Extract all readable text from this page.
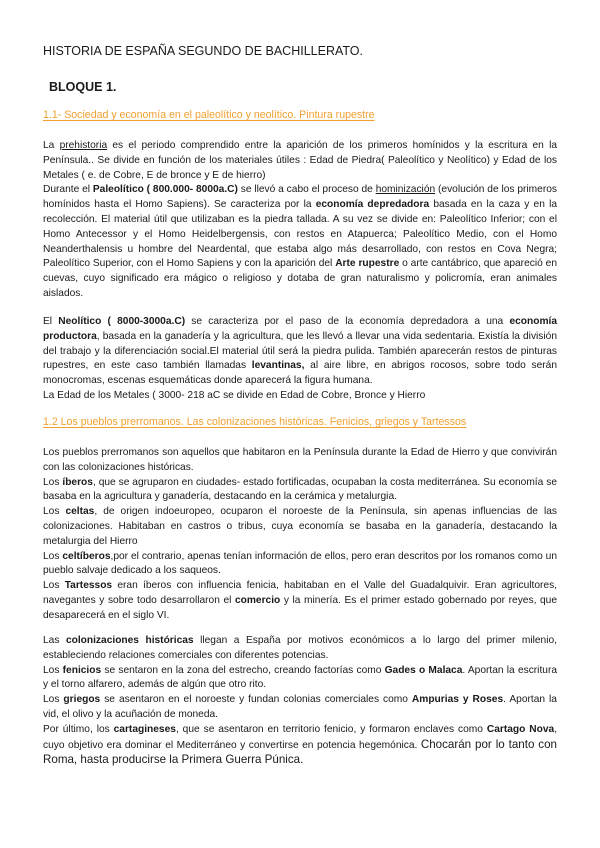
HISTORIA DE ESPAÑA SEGUNDO DE BACHILLERATO.
BLOQUE 1.
1.1- Sociedad y economía en el paleolítico y neolítico. Pintura rupestre

La prehistoria es el periodo comprendido entre la aparición de los primeros homínidos y la escritura en la Península.. Se divide en función de los materiales útiles : Edad de Piedra( Paleolítico y Neolítico) y Edad de los Metales ( e. de Cobre, E de bronce y E de hierro)

Durante el Paleolítico ( 800.000- 8000a.C) se llevó a cabo el proceso de hominización (evolución de los primeros homínidos hasta el Homo Sapiens). Se caracteriza por la economía depredadora basada en la caza y en la recolección. El material útil que utilizaban es la piedra tallada. A su vez se divide en: Paleolítico Inferior; con el Homo Antecessor y el Homo Heidelbergensis, con restos en Atapuerca; Paleolítico Medio, con el Homo Neanderthalensis u hombre del Neardental, que estaba algo más desarrollado, con restos en Cova Negra; Paleolítico Superior, con el Homo Sapiens y con la aparición del Arte rupestre o arte cantábrico, que apareció en cuevas, cuyo significado era mágico o religioso y dotaba de gran naturalismo y policromía, eran animales aislados.

El Neolítico ( 8000-3000a.C) se caracteriza por el paso de la economía depredadora a una economía productora, basada en la ganadería y la agricultura, que les llevó a llevar una vida sedentaria. Existía la división del trabajo y la diferenciación social.El material útil será la piedra pulida. También aparecerán restos de pinturas rupestres, en este caso también llamadas levantinas, al aire libre, en abrigos rocosos, sobre todo serán monocromas, escenas esquemáticas donde aparecerá la figura humana.

La Edad de los Metales ( 3000- 218 aC se divide en Edad de Cobre, Bronce y Hierro

1.2 Los pueblos prerromanos. Las colonizaciones históricas. Fenicios, griegos y Tartessos

Los pueblos prerromanos son aquellos que habitaron en la Península durante la Edad de Hierro y que convivirán con las colonizaciones históricas.

Los íberos, que se agruparon en ciudades- estado fortificadas, ocupaban la costa mediterránea. Su economía se basaba en la agricultura y ganadería, destacando en la cerámica y metalurgia.

Los celtas, de origen indoeuropeo, ocuparon el noroeste de la Península, sin apenas influencias de las colonizaciones. Habitaban en castros o tribus, cuya economía se basaba en la ganadería, destacando la metalurgia del Hierro

Los celtíberos,por el contrario, apenas tenían información de ellos, pero eran descritos por los romanos como un pueblo salvaje dedicado a los saqueos.

Los Tartessos eran íberos con influencia fenicia, habitaban en el Valle del Guadalquivir. Eran agricultores, navegantes y sobre todo desarrollaron el comercio y la minería. Es el primer estado gobernado por reyes, que desaparecerá en el siglo VI.

Las colonizaciones históricas llegan a España por motivos económicos a lo largo del primer milenio, estableciendo relaciones comerciales con diferentes potencias.

Los fenicios se sentaron en la zona del estrecho, creando factorías como Gades o Malaca. Aportan la escritura y el torno alfarero, además de algún que otro rito.

Los griegos se asentaron en el noroeste y fundan colonias comerciales como Ampurias y Roses. Aportan la vid, el olivo y la acuñación de moneda.

Por último, los cartagineses, que se asentaron en territorio fenicio, y formaron enclaves como Cartago Nova, cuyo objetivo era dominar el Mediterráneo y convertirse en potencia hegemónica. Chocarán por lo tanto con Roma, hasta producirse la Primera Guerra Púnica.
